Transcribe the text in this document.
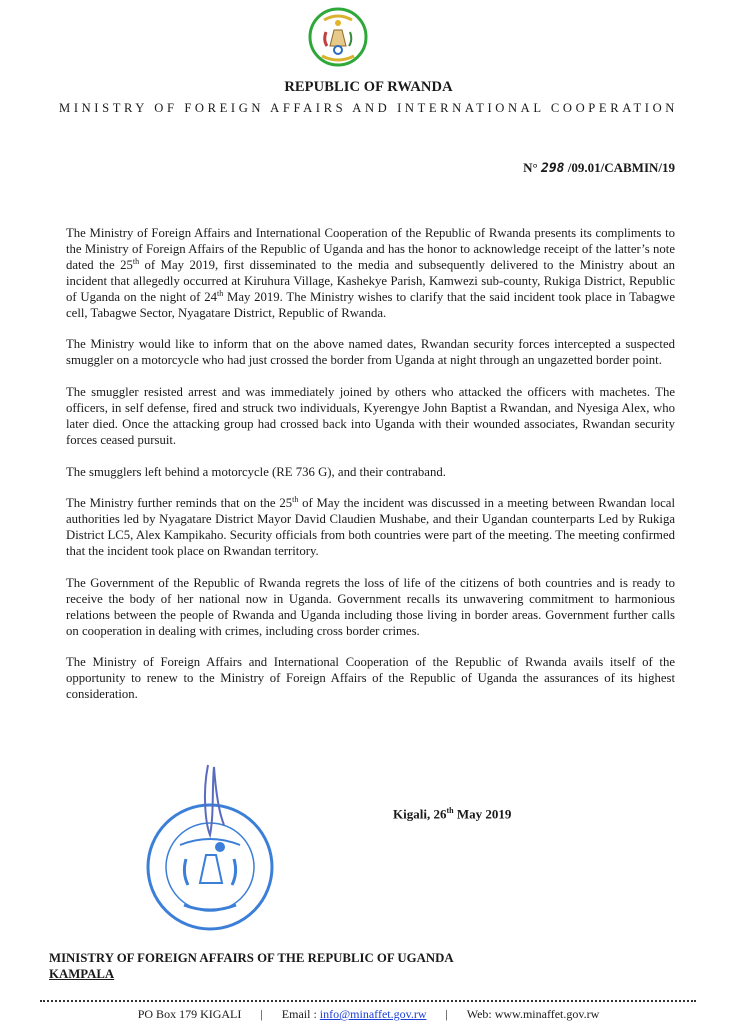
REPUBLIC OF RWANDA
MINISTRY OF FOREIGN AFFAIRS AND INTERNATIONAL COOPERATION
N° 298 /09.01/CABMIN/19

The Ministry of Foreign Affairs and International Cooperation of the Republic of Rwanda presents its compliments to the Ministry of Foreign Affairs of the Republic of Uganda and has the honor to acknowledge receipt of the latter’s note dated the 25th of May 2019, first disseminated to the media and subsequently delivered to the Ministry about an incident that allegedly occurred at Kiruhura Village, Kashekye Parish, Kamwezi sub-county, Rukiga District, Republic of Uganda on the night of 24th May 2019. The Ministry wishes to clarify that the said incident took place in Tabagwe cell, Tabagwe Sector, Nyagatare District, Republic of Rwanda.

The Ministry would like to inform that on the above named dates, Rwandan security forces intercepted a suspected smuggler on a motorcycle who had just crossed the border from Uganda at night through an ungazetted border point.

The smuggler resisted arrest and was immediately joined by others who attacked the officers with machetes. The officers, in self defense, fired and struck two individuals, Kyerengye John Baptist a Rwandan, and Nyesiga Alex, who later died. Once the attacking group had crossed back into Uganda with their wounded associates, Rwandan security forces ceased pursuit.

The smugglers left behind a motorcycle (RE 736 G), and their contraband.

The Ministry further reminds that on the 25th of May the incident was discussed in a meeting between Rwandan local authorities led by Nyagatare District Mayor David Claudien Mushabe, and their Ugandan counterparts Led by Rukiga District LC5, Alex Kampikaho. Security officials from both countries were part of the meeting. The meeting confirmed that the incident took place on Rwandan territory.

The Government of the Republic of Rwanda regrets the loss of life of the citizens of both countries and is ready to receive the body of her national now in Uganda. Government recalls its unwavering commitment to harmonious relations between the people of Rwanda and Uganda including those living in border areas. Government further calls on cooperation in dealing with crimes, including cross border crimes.

The Ministry of Foreign Affairs and International Cooperation of the Republic of Rwanda avails itself of the opportunity to renew to the Ministry of Foreign Affairs of the Republic of Uganda the assurances of its highest consideration.

Kigali, 26th May 2019
MINISTRY OF FOREIGN AFFAIRS OF THE REPUBLIC OF UGANDA
KAMPALA
PO Box 179 KIGALI | Email : info@minaffet.gov.rw | Web: www.minaffet.gov.rw
